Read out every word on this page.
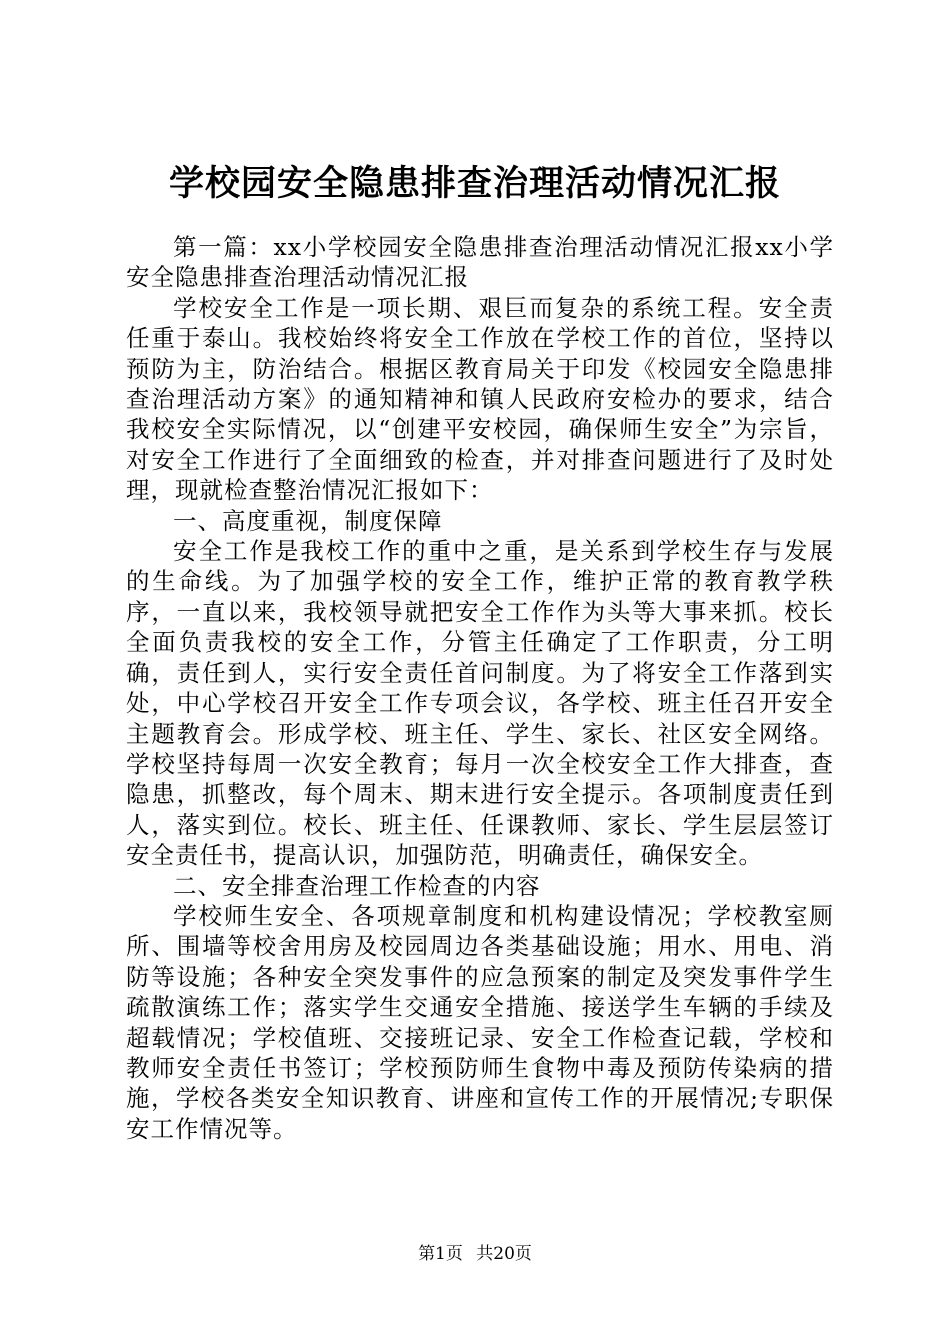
学校园安全隐患排查治理活动情况汇报

第一篇：xx小学校园安全隐患排查治理活动情况汇报xx小学安全隐患排查治理活动情况汇报

学校安全工作是一项长期、艰巨而复杂的系统工程。安全责任重于泰山。我校始终将安全工作放在学校工作的首位，坚持以预防为主，防治结合。根据区教育局关于印发《校园安全隐患排查治理活动方案》的通知精神和镇人民政府安检办的要求，结合我校安全实际情况，以“创建平安校园，确保师生安全”为宗旨，对安全工作进行了全面细致的检查，并对排查问题进行了及时处理，现就检查整治情况汇报如下：

一、高度重视，制度保障

安全工作是我校工作的重中之重，是关系到学校生存与发展的生命线。为了加强学校的安全工作，维护正常的教育教学秩序，一直以来，我校领导就把安全工作作为头等大事来抓。校长全面负责我校的安全工作，分管主任确定了工作职责，分工明确，责任到人，实行安全责任首问制度。为了将安全工作落到实处，中心学校召开安全工作专项会议，各学校、班主任召开安全主题教育会。形成学校、班主任、学生、家长、社区安全网络。学校坚持每周一次安全教育；每月一次全校安全工作大排查，查隐患，抓整改，每个周末、期末进行安全提示。各项制度责任到人，落实到位。校长、班主任、任课教师、家长、学生层层签订安全责任书，提高认识，加强防范，明确责任，确保安全。

二、安全排查治理工作检查的内容

学校师生安全、各项规章制度和机构建设情况；学校教室厕所、围墙等校舍用房及校园周边各类基础设施；用水、用电、消防等设施；各种安全突发事件的应急预案的制定及突发事件学生疏散演练工作；落实学生交通安全措施、接送学生车辆的手续及超载情况；学校值班、交接班记录、安全工作检查记载，学校和教师安全责任书签订；学校预防师生食物中毒及预防传染病的措施，学校各类安全知识教育、讲座和宣传工作的开展情况;专职保安工作情况等。

第1页 共20页
